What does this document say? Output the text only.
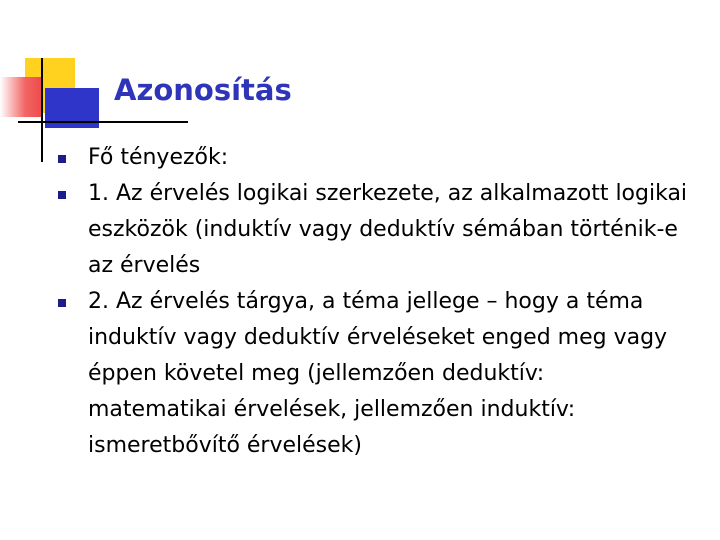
Azonosítás
Fő tényezők:
1. Az érvelés logikai szerkezete, az alkalmazott logikai eszközök (induktív vagy deduktív sémában történik-e az érvelés
2. Az érvelés tárgya, a téma jellege – hogy a téma induktív vagy deduktív érveléseket enged meg vagy éppen követel meg (jellemzően deduktív: matematikai érvelések, jellemzően induktív: ismeretbővítő érvelések)
